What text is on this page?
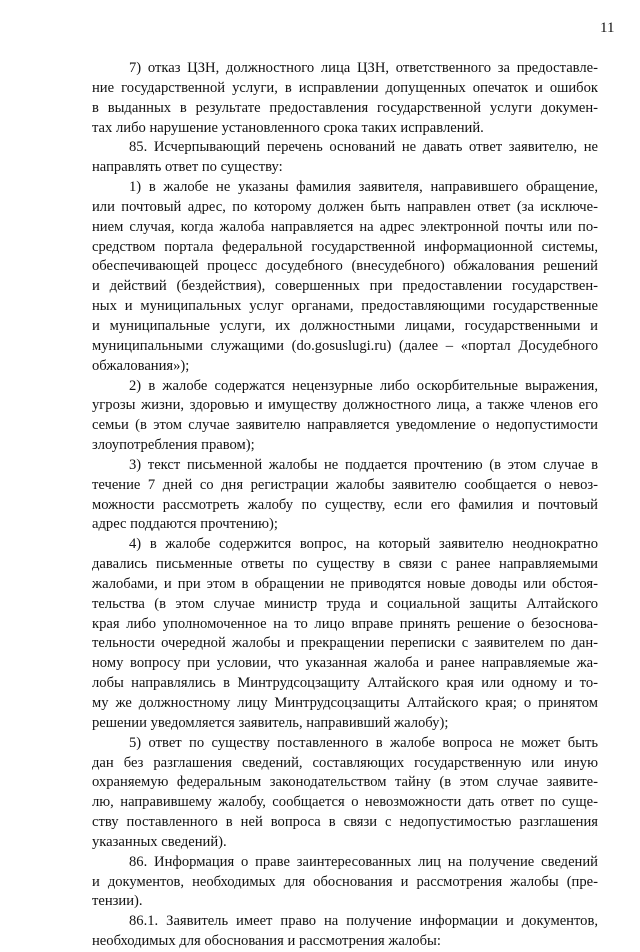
11
7) отказ ЦЗН, должностного лица ЦЗН, ответственного за предоставле-
ние государственной услуги, в исправлении допущенных опечаток и ошибок
в выданных в результате предоставления государственной услуги докумен-
тах либо нарушение установленного срока таких исправлений.
85. Исчерпывающий перечень оснований не давать ответ заявителю, не
направлять ответ по существу:
1) в жалобе не указаны фамилия заявителя, направившего обращение,
или почтовый адрес, по которому должен быть направлен ответ (за исключе-
нием случая, когда жалоба направляется на адрес электронной почты или по-
средством портала федеральной государственной информационной системы,
обеспечивающей процесс досудебного (внесудебного) обжалования решений
и действий (бездействия), совершенных при предоставлении государствен-
ных и муниципальных услуг органами, предоставляющими государственные
и муниципальные услуги, их должностными лицами, государственными и
муниципальными служащими (do.gosuslugi.ru) (далее – «портал Досудебного
обжалования»);
2) в жалобе содержатся нецензурные либо оскорбительные выражения,
угрозы жизни, здоровью и имуществу должностного лица, а также членов его
семьи (в этом случае заявителю направляется уведомление о недопустимости
злоупотребления правом);
3) текст письменной жалобы не поддается прочтению (в этом случае в
течение 7 дней со дня регистрации жалобы заявителю сообщается о невоз-
можности рассмотреть жалобу по существу, если его фамилия и почтовый
адрес поддаются прочтению);
4) в жалобе содержится вопрос, на который заявителю неоднократно
давались письменные ответы по существу в связи с ранее направляемыми
жалобами, и при этом в обращении не приводятся новые доводы или обстоя-
тельства (в этом случае министр труда и социальной защиты Алтайского
края либо уполномоченное на то лицо вправе принять решение о безоснова-
тельности очередной жалобы и прекращении переписки с заявителем по дан-
ному вопросу при условии, что указанная жалоба и ранее направляемые жа-
лобы направлялись в Минтрудсоцзащиту Алтайского края или одному и то-
му же должностному лицу Минтрудсоцзащиты Алтайского края; о принятом
решении уведомляется заявитель, направивший жалобу);
5) ответ по существу поставленного в жалобе вопроса не может быть
дан без разглашения сведений, составляющих государственную или иную
охраняемую федеральным законодательством тайну (в этом случае заявите-
лю, направившему жалобу, сообщается о невозможности дать ответ по суще-
ству поставленного в ней вопроса в связи с недопустимостью разглашения
указанных сведений).
86. Информация о праве заинтересованных лиц на получение сведений
и документов, необходимых для обоснования и рассмотрения жалобы (пре-
тензии).
86.1. Заявитель имеет право на получение информации и документов,
необходимых для обоснования и рассмотрения жалобы:
